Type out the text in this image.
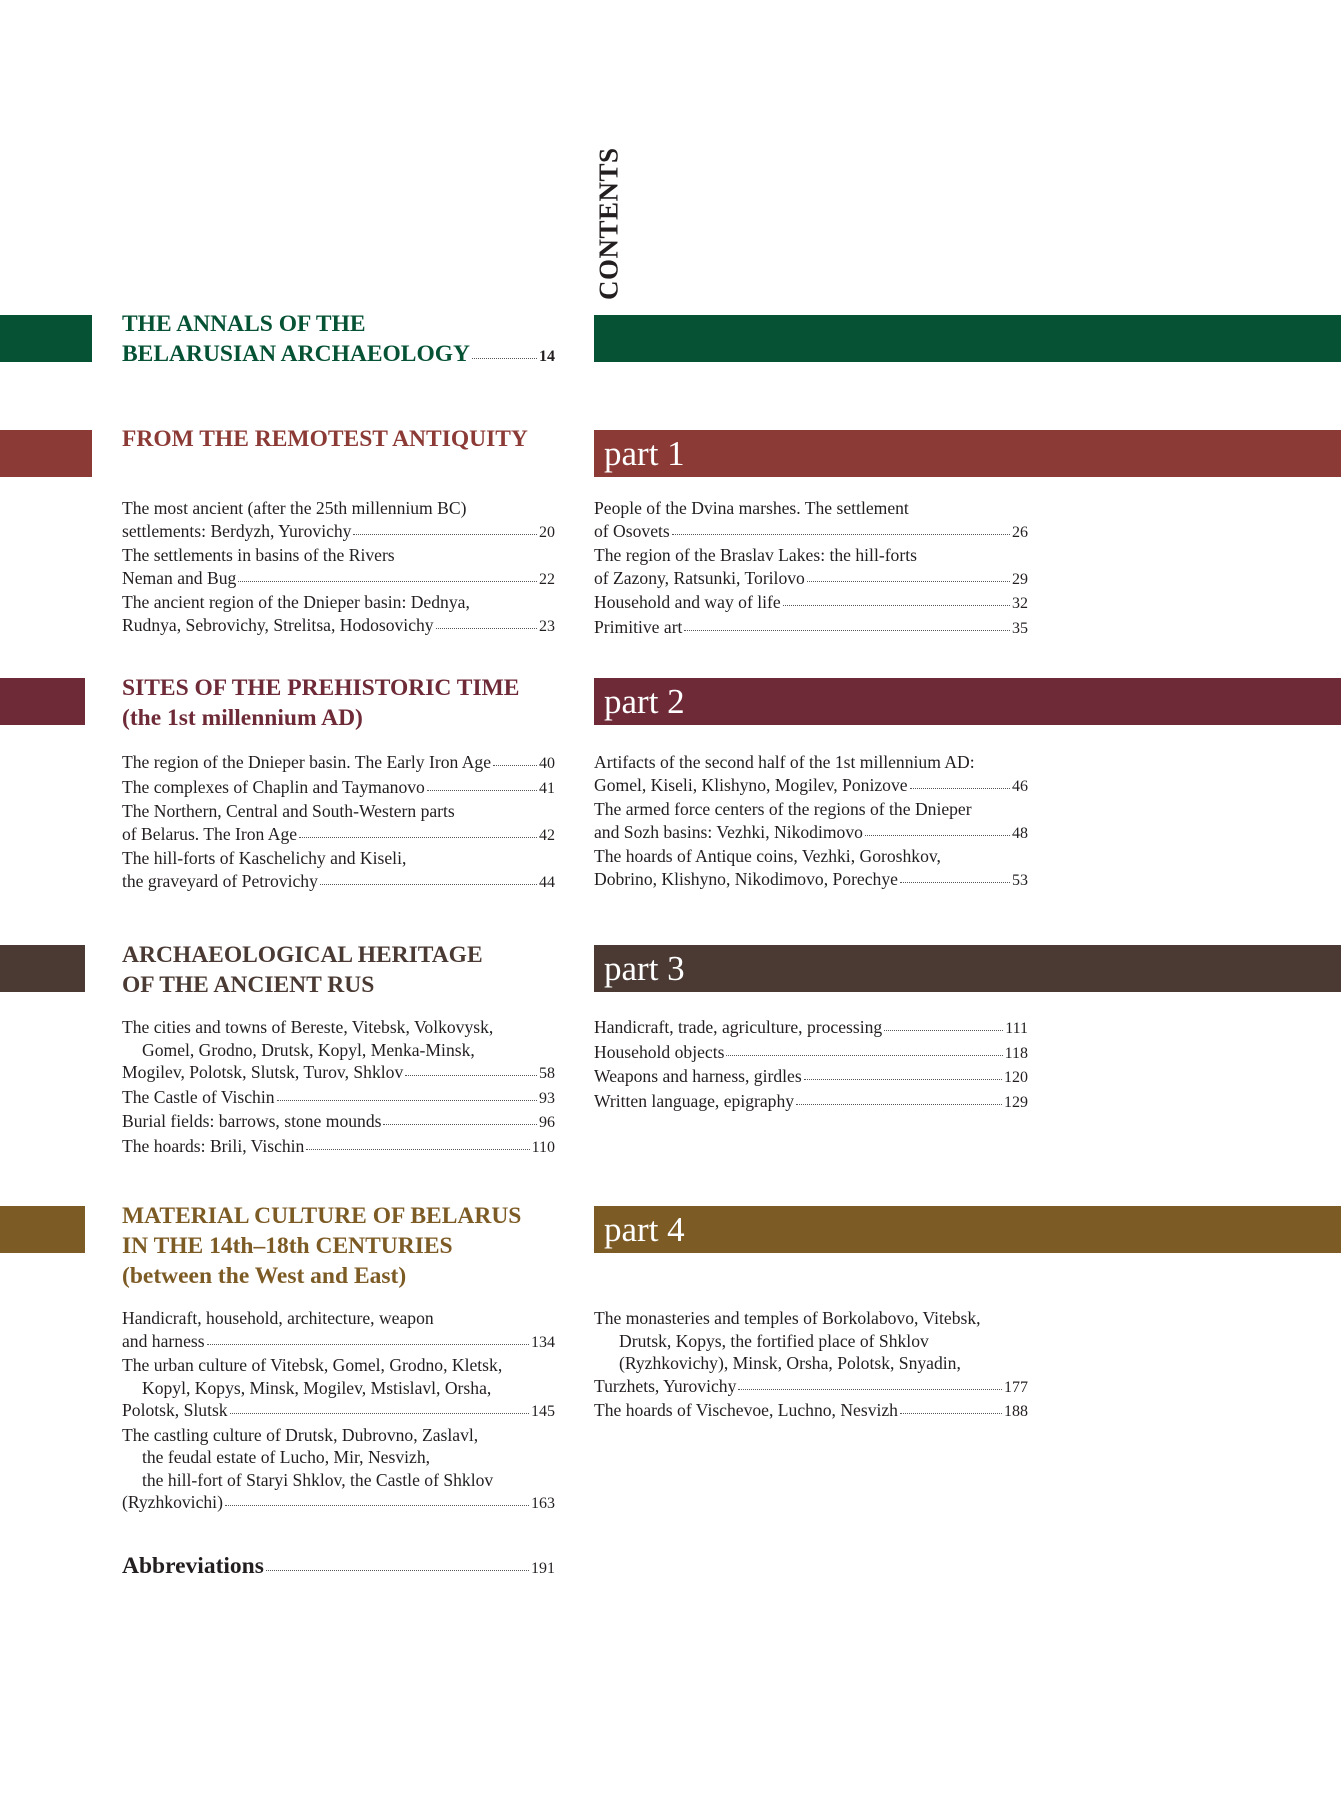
CONTENTS
THE ANNALS OF THE
BELARUSIAN ARCHAEOLOGY	14
part 1
FROM THE REMOTEST ANTIQUITY
The most ancient (after the 25th millennium BC)
settlements: Berdyzh, Yurovichy	20
The settlements in basins of the Rivers
Neman and Bug	22
The ancient region of the Dnieper basin: Dednya,
Rudnya, Sebrovichy, Strelitsa, Hodosovichy	23
People of the Dvina marshes. The settlement
of Osovets	26
The region of the Braslav Lakes: the hill-forts
of Zazony, Ratsunki, Torilovo	29
Household and way of life	32
Primitive art	35
part 2
SITES OF THE PREHISTORIC TIME
(the 1st millennium AD)
The region of the Dnieper basin. The Early Iron Age	40
The complexes of Chaplin and Taymanovo	41
The Northern, Central and South-Western parts
of Belarus. The Iron Age	42
The hill-forts of Kaschelichy and Kiseli,
the graveyard of Petrovichy	44
Artifacts of the second half of the 1st millennium AD:
Gomel, Kiseli, Klishyno, Mogilev, Ponizove	46
The armed force centers of the regions of the Dnieper
and Sozh basins: Vezhki, Nikodimovo	48
The hoards of Antique coins, Vezhki, Goroshkov,
Dobrino, Klishyno, Nikodimovo, Porechye	53
part 3
ARCHAEOLOGICAL HERITAGE
OF THE ANCIENT RUS
The cities and towns of Bereste, Vitebsk, Volkovysk,
Gomel, Grodno, Drutsk, Kopyl, Menka-Minsk,
Mogilev, Polotsk, Slutsk, Turov, Shklov	58
The Castle of Vischin	93
Burial fields: barrows, stone mounds	96
The hoards: Brili, Vischin	110
Handicraft, trade, agriculture, processing	111
Household objects	118
Weapons and harness, girdles	120
Written language, epigraphy	129
part 4
MATERIAL CULTURE OF BELARUS
IN THE 14th–18th CENTURIES
(between the West and East)
Handicraft, household, architecture, weapon
and harness	134
The urban culture of Vitebsk, Gomel, Grodno, Kletsk,
Kopyl, Kopys, Minsk, Mogilev, Mstislavl, Orsha,
Polotsk, Slutsk	145
The castling culture of Drutsk, Dubrovno, Zaslavl,
the feudal estate of Lucho, Mir, Nesvizh,
the hill-fort of Staryi Shklov, the Castle of Shklov
(Ryzhkovichi)	163
The monasteries and temples of Borkolabovo, Vitebsk,
Drutsk, Kopys, the fortified place of Shklov
(Ryzhkovichy), Minsk, Orsha, Polotsk, Snyadin,
Turzhets, Yurovichy	177
The hoards of Vischevoe, Luchno, Nesvizh	188
Abbreviations	191
